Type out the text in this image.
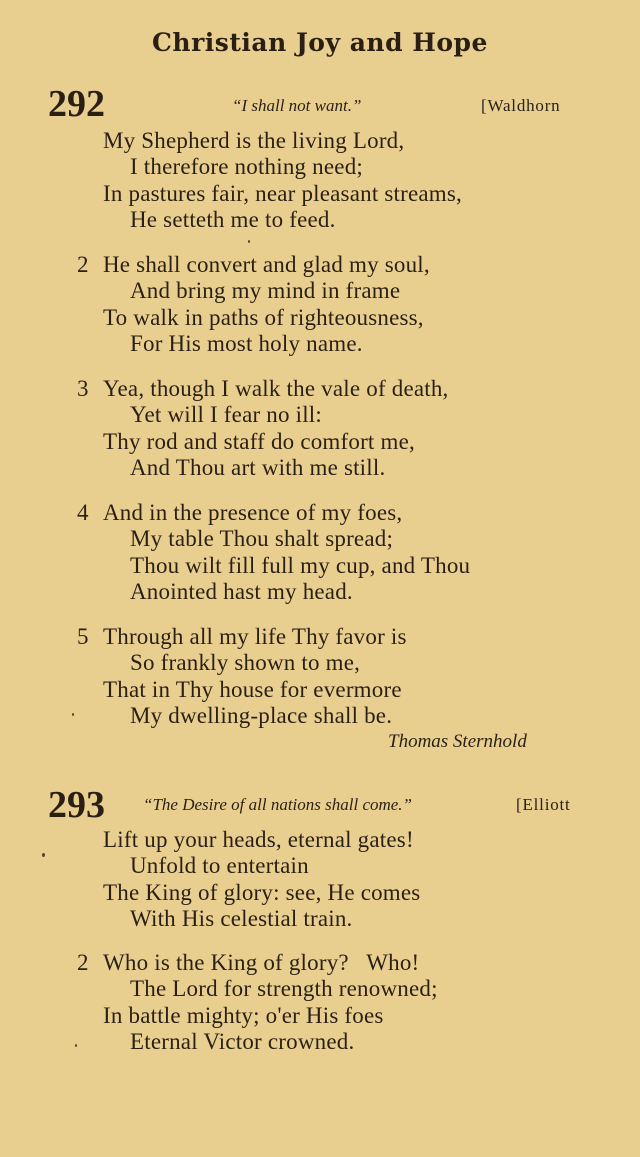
Christian Joy and Hope
292	“I shall not want.”	[Waldhorn
My Shepherd is the living Lord,
I therefore nothing need;
In pastures fair, near pleasant streams,
He setteth me to feed.
2 He shall convert and glad my soul,
And bring my mind in frame
To walk in paths of righteousness,
For His most holy name.
3 Yea, though I walk the vale of death,
Yet will I fear no ill:
Thy rod and staff do comfort me,
And Thou art with me still.
4 And in the presence of my foes,
My table Thou shalt spread;
Thou wilt fill full my cup, and Thou
Anointed hast my head.
5 Through all my life Thy favor is
So frankly shown to me,
That in Thy house for evermore
My dwelling-place shall be.
Thomas Sternhold
293 “The Desire of all nations shall come.”	[Elliott
Lift up your heads, eternal gates!
Unfold to entertain
The King of glory: see, He comes
With His celestial train.
2 Who is the King of glory?   Who!
The Lord for strength renowned;
In battle mighty; o'er His foes
Eternal Victor crowned.
